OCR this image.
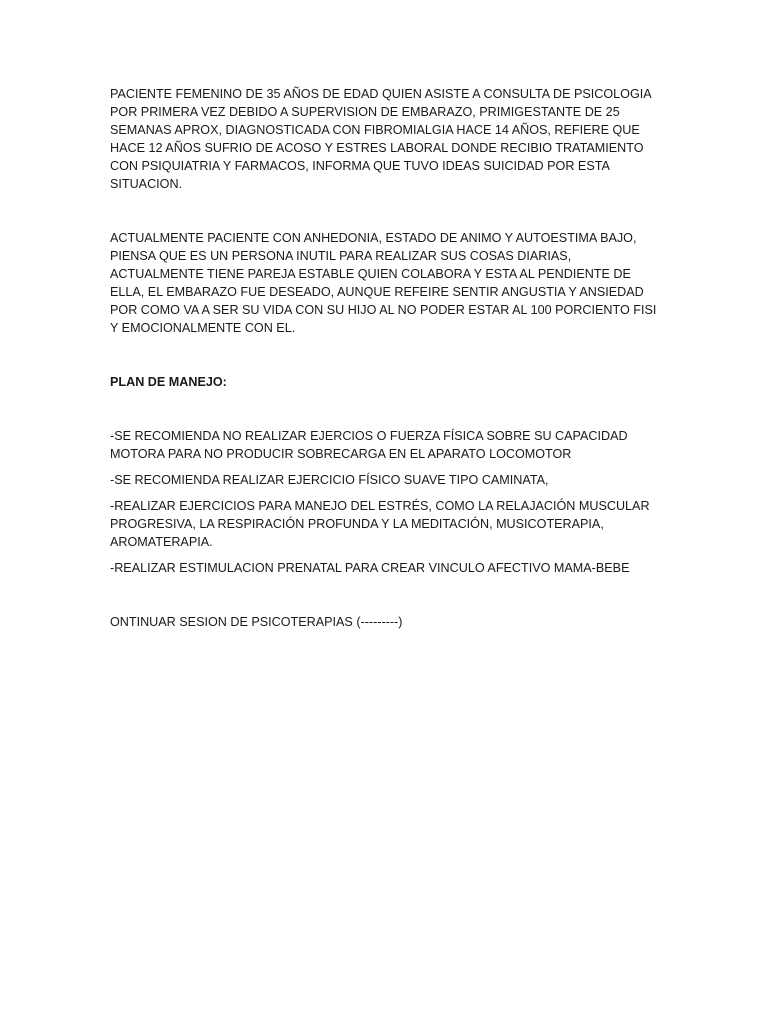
PACIENTE FEMENINO DE 35 AÑOS DE EDAD QUIEN ASISTE A CONSULTA DE PSICOLOGIA POR PRIMERA VEZ DEBIDO A SUPERVISION DE EMBARAZO, PRIMIGESTANTE DE 25 SEMANAS APROX, DIAGNOSTICADA CON FIBROMIALGIA HACE 14 AÑOS, REFIERE QUE HACE 12 AÑOS SUFRIO DE ACOSO Y ESTRES LABORAL DONDE RECIBIO TRATAMIENTO CON PSIQUIATRIA Y FARMACOS, INFORMA QUE TUVO IDEAS SUICIDAD POR ESTA SITUACION.

ACTUALMENTE PACIENTE CON ANHEDONIA, ESTADO DE ANIMO Y AUTOESTIMA BAJO, PIENSA QUE ES UN PERSONA INUTIL PARA REALIZAR SUS COSAS DIARIAS, ACTUALMENTE TIENE PAREJA ESTABLE QUIEN COLABORA Y ESTA AL PENDIENTE DE ELLA, EL EMBARAZO FUE DESEADO, AUNQUE REFEIRE SENTIR ANGUSTIA Y ANSIEDAD POR COMO VA A SER SU VIDA CON SU HIJO AL NO PODER ESTAR AL 100 PORCIENTO FISI Y EMOCIONALMENTE CON EL.

PLAN DE MANEJO:

-SE RECOMIENDA NO REALIZAR EJERCIOS O FUERZA FÍSICA SOBRE SU CAPACIDAD MOTORA PARA NO PRODUCIR SOBRECARGA EN EL APARATO LOCOMOTOR

-SE RECOMIENDA REALIZAR EJERCICIO FÍSICO SUAVE TIPO CAMINATA,

-REALIZAR EJERCICIOS PARA MANEJO DEL ESTRÉS, COMO LA RELAJACIÓN MUSCULAR PROGRESIVA, LA RESPIRACIÓN PROFUNDA Y LA MEDITACIÓN, MUSICOTERAPIA, AROMATERAPIA.

-REALIZAR ESTIMULACION PRENATAL PARA CREAR VINCULO AFECTIVO MAMA-BEBE

ONTINUAR SESION DE PSICOTERAPIAS (---------)
